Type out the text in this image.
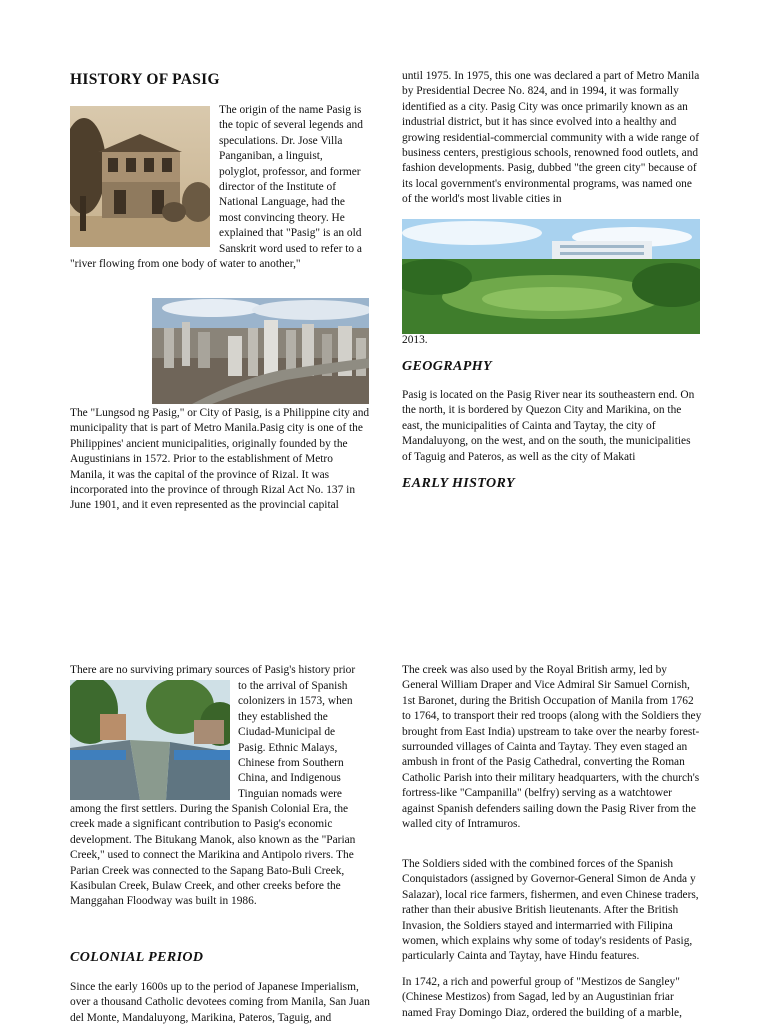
HISTORY OF PASIG

The origin of the name Pasig is

the topic of several legends and

speculations. Dr. Jose Villa

Panganiban, a linguist,

polyglot, professor, and former

director of the Institute of

National Language, had the

most convincing theory. He

explained that "Pasig" is an old

Sanskrit word used to refer to a

"river flowing from one body of water to another,"

The "Lungsod ng Pasig," or City of Pasig, is a Philippine city and municipality that is part of Metro Manila.Pasig city is one of the Philippines' ancient municipalities, originally founded by the Augustinians in 1572. Prior to the establishment of Metro Manila, it was the capital of the province of Rizal. It was incorporated into the province of through Rizal Act No. 137 in June 1901, and it even represented as the provincial capital

until 1975. In 1975, this one was declared a part of Metro Manila by Presidential Decree No. 824, and in 1994, it was formally identified as a city. Pasig City was once primarily known as an industrial district, but it has since evolved into a healthy and growing residential-commercial community with a wide range of business centers, prestigious schools, renowned food outlets, and fashion developments. Pasig, dubbed "the green city" because of its local government's environmental programs, was named one of the world's most livable cities in

2013.

GEOGRAPHY

Pasig is located on the Pasig River near its southeastern end. On the north, it is bordered by Quezon City and Marikina, on the east, the municipalities of Cainta and Taytay, the city of Mandaluyong, on the west, and on the south, the municipalities of Taguig and Pateros, as well as the city of Makati

EARLY HISTORY

There are no surviving primary sources of Pasig's history prior

to the arrival of Spanish

colonizers in 1573, when

they established the

Ciudad-Municipal de

Pasig. Ethnic Malays,

Chinese from Southern

China, and Indigenous

Tinguian nomads were

among the first settlers. During the Spanish Colonial Era, the creek made a significant contribution to Pasig's economic development. The Bitukang Manok, also known as the "Parian Creek," used to connect the Marikina and Antipolo rivers. The Parian Creek was connected to the Sapang Bato-Buli Creek, Kasibulan Creek, Bulaw Creek, and other creeks before the Manggahan Floodway was built in 1986.

COLONIAL PERIOD

Since the early 1600s up to the period of Japanese Imperialism, over a thousand Catholic devotees coming from Manila, San Juan del Monte, Mandaluyong, Marikina, Pateros, Taguig, and

The creek was also used by the Royal British army, led by General William Draper and Vice Admiral Sir Samuel Cornish, 1st Baronet, during the British Occupation of Manila from 1762 to 1764, to transport their red troops (along with the Soldiers they brought from East India) upstream to take over the nearby forest-surrounded villages of Cainta and Taytay. They even staged an ambush in front of the Pasig Cathedral, converting the Roman Catholic Parish into their military headquarters, with the church's fortress-like "Campanilla" (belfry) serving as a watchtower against Spanish defenders sailing down the Pasig River from the walled city of Intramuros.

The Soldiers sided with the combined forces of the Spanish Conquistadors (assigned by Governor-General Simon de Anda y Salazar), local rice farmers, fishermen, and even Chinese traders, rather than their abusive British lieutenants. After the British Invasion, the Soldiers stayed and intermarried with Filipina women, which explains why some of today's residents of Pasig, particularly Cainta and Taytay, have Hindu features.

In 1742, a rich and powerful group of "Mestizos de Sangley" (Chinese Mestizos) from Sagad, led by an Augustinian friar named Fray Domingo Diaz, ordered the building of a marble,
